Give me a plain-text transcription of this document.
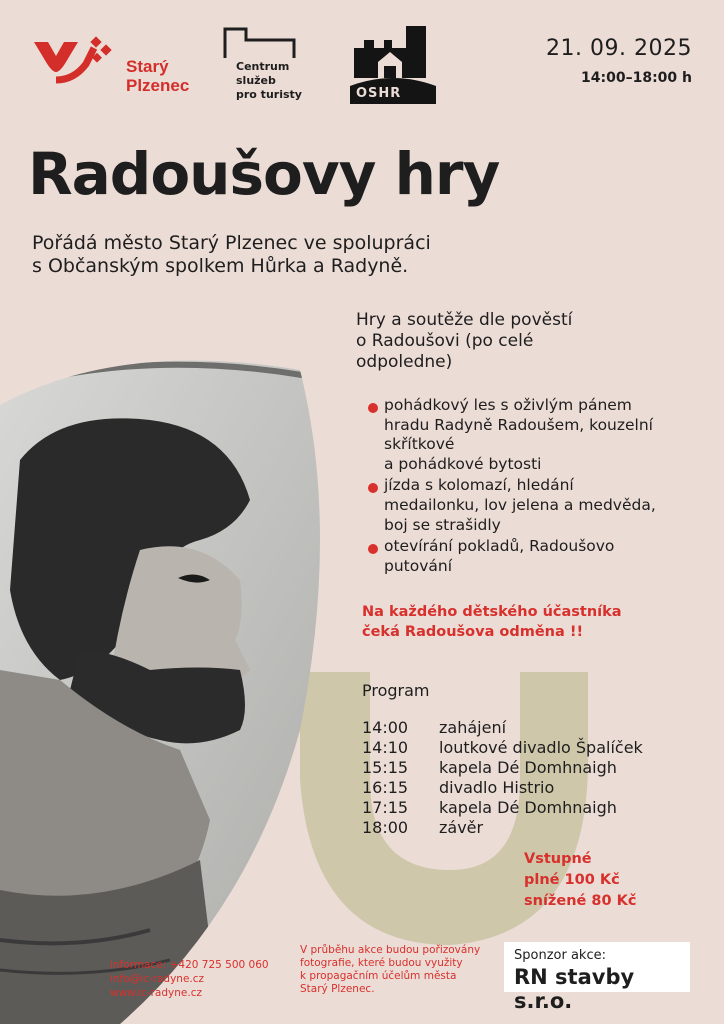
Starý
Plzenec
Centrum
služeb
pro turisty	OSHR
21. 09. 2025
14:00–18:00 h
Radoušovy hry
Pořádá město Starý Plzenec ve spolupráci
s Občanským spolkem Hůrka a Radyně.
Hry a soutěže dle pověstí
o Radoušovi (po celé
odpoledne)
pohádkový les s oživlým pánem
hradu Radyně Radoušem, kouzelní
skřítkové
a pohádkové bytosti
jízda s kolomazí, hledání
medailonku, lov jelena a medvěda,
boj se strašidly
otevírání pokladů, Radoušovo
putování
Na každého dětského účastníka
čeká Radoušova odměna !!
Program
14:00	zahájení
14:10	loutkové divadlo Špalíček
15:15	kapela Dé Domhnaigh
16:15	divadlo Histrio
17:15	kapela Dé Domhnaigh
18:00	závěr
Vstupné
plné 100 Kč
snížené 80 Kč
informace: +420 725 500 060
info@ic-radyne.cz
www.ic-radyne.cz
V průběhu akce budou pořizovány
fotografie, které budou využity
k propagačním účelům města
Starý Plzenec.
Sponzor akce:
RN stavby s.r.o.
